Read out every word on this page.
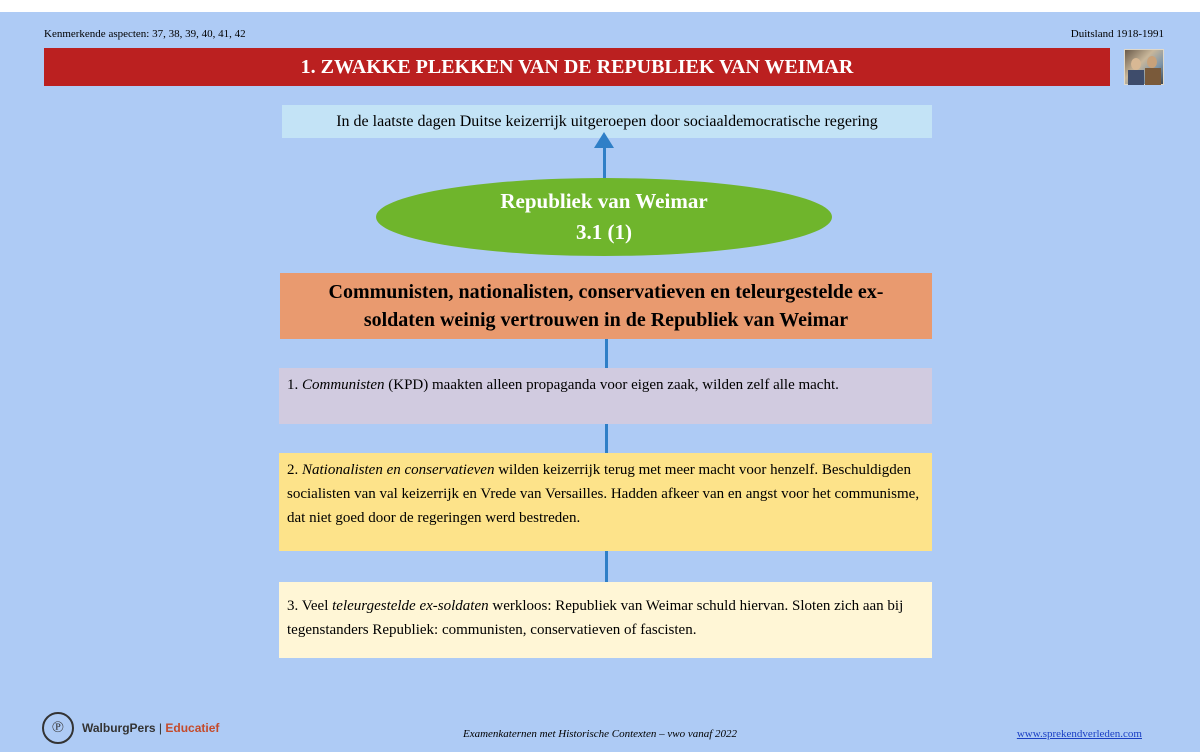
Kenmerkende aspecten: 37, 38, 39, 40, 41, 42	Duitsland 1918-1991
1. ZWAKKE PLEKKEN VAN DE REPUBLIEK VAN WEIMAR
In de laatste dagen Duitse keizerrijk uitgeroepen door sociaaldemocratische regering
Republiek van Weimar
3.1 (1)
Communisten, nationalisten, conservatieven en teleurgestelde ex-soldaten weinig vertrouwen in de Republiek van Weimar
1. Communisten (KPD) maakten alleen propaganda voor eigen zaak, wilden zelf alle macht.
2. Nationalisten en conservatieven wilden keizerrijk terug met meer macht voor henzelf. Beschuldigden socialisten van val keizerrijk en Vrede van Versailles. Hadden afkeer van en angst voor het communisme, dat niet goed door de regeringen werd bestreden.
3. Veel teleurgestelde ex-soldaten werkloos: Republiek van Weimar schuld hiervan. Sloten zich aan bij tegenstanders Republiek: communisten, conservatieven of fascisten.
℗	WalburgPers | Educatief	Examenkaternen met Historische Contexten – vwo vanaf 2022	www.sprekendverleden.com
